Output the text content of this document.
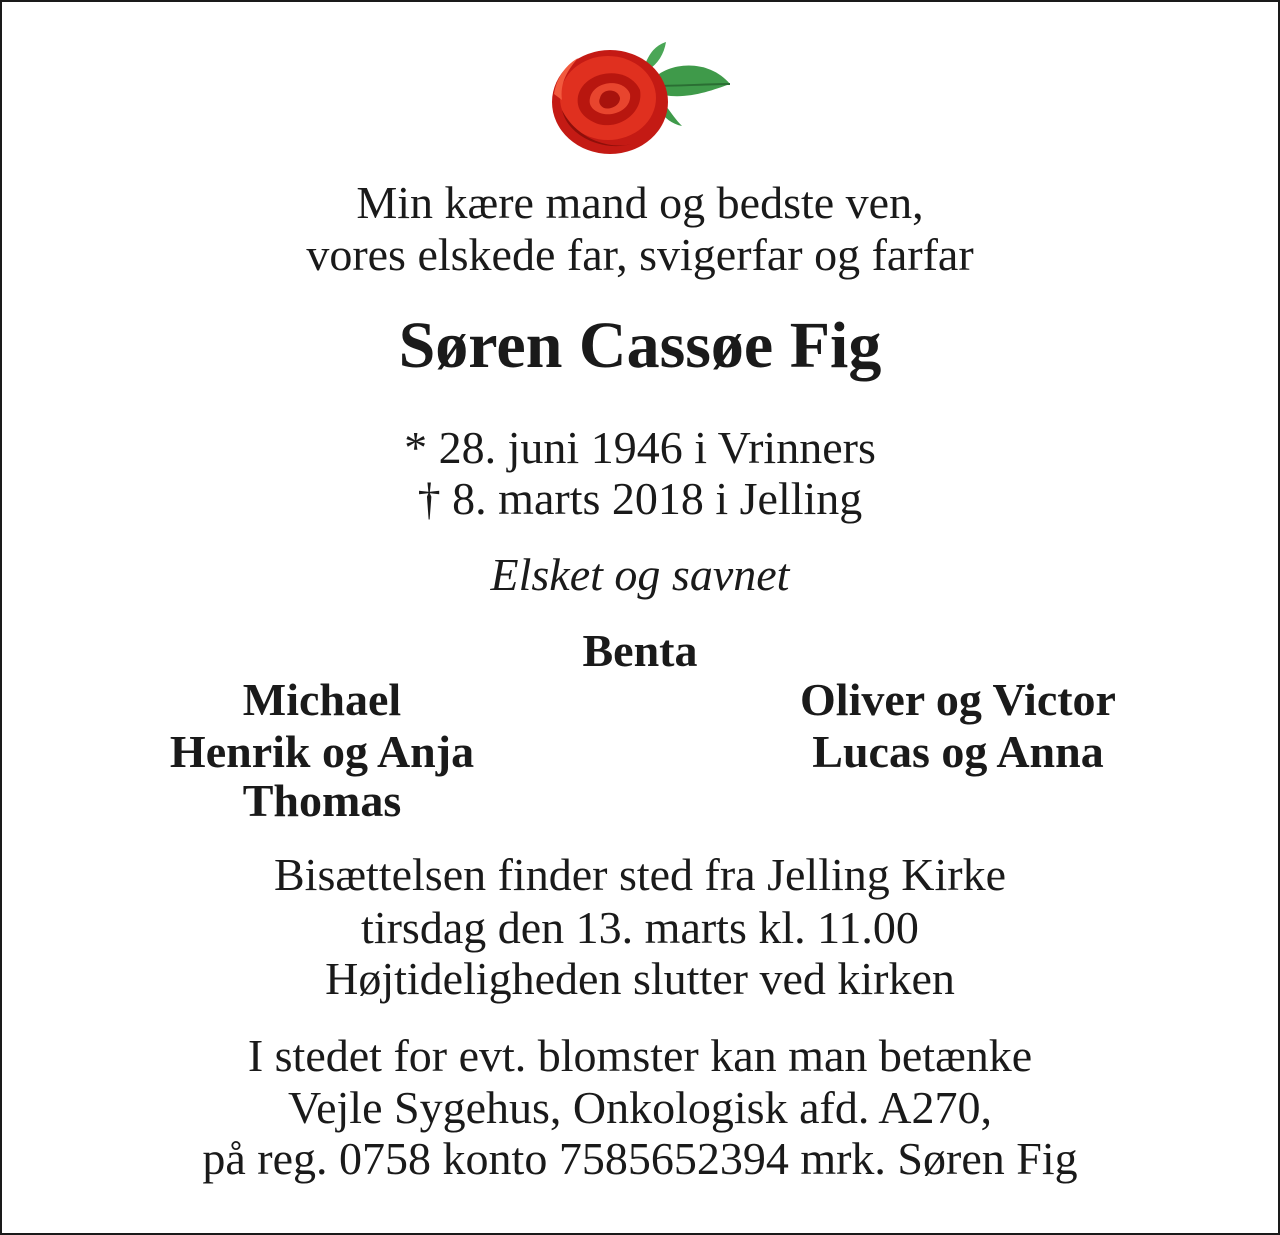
Min kære mand og bedste ven,
vores elskede far, svigerfar og farfar
Søren Cassøe Fig
* 28. juni 1946 i Vrinners
† 8. marts 2018 i Jelling
Elsket og savnet
Benta
Michael
Henrik og Anja
Thomas
Oliver og Victor
Lucas og Anna
Bisættelsen finder sted fra Jelling Kirke
tirsdag den 13. marts kl. 11.00
Højtideligheden slutter ved kirken
I stedet for evt. blomster kan man betænke
Vejle Sygehus, Onkologisk afd. A270,
på reg. 0758 konto 7585652394 mrk. Søren Fig
